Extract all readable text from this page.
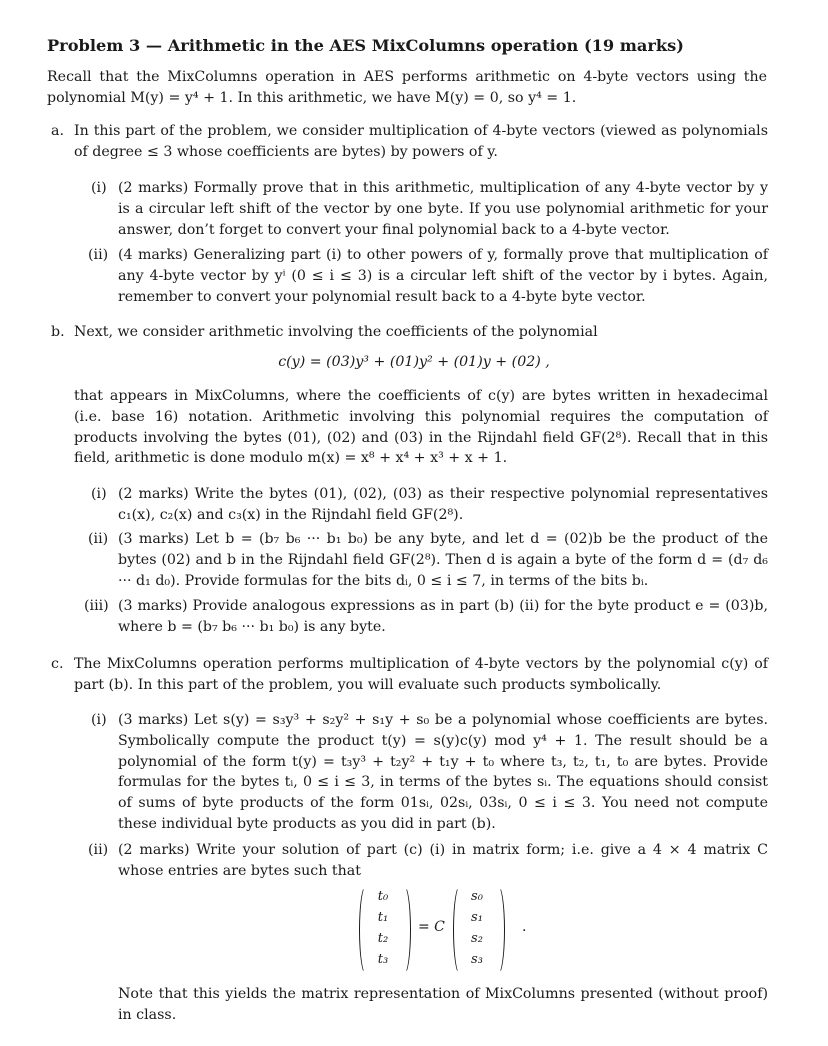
Problem 3 — Arithmetic in the AES MixColumns operation (19 marks)

Recall that the MixColumns operation in AES performs arithmetic on 4-byte vectors using the polynomial M(y) = y⁴ + 1. In this arithmetic, we have M(y) = 0, so y⁴ = 1.

a. In this part of the problem, we consider multiplication of 4-byte vectors (viewed as polynomials of degree ≤ 3 whose coefficients are bytes) by powers of y.

(i) (2 marks) Formally prove that in this arithmetic, multiplication of any 4-byte vector by y is a circular left shift of the vector by one byte. If you use polynomial arithmetic for your answer, don’t forget to convert your final polynomial back to a 4-byte vector.

(ii) (4 marks) Generalizing part (i) to other powers of y, formally prove that multiplication of any 4-byte vector by yⁱ (0 ≤ i ≤ 3) is a circular left shift of the vector by i bytes. Again, remember to convert your polynomial result back to a 4-byte byte vector.

b. Next, we consider arithmetic involving the coefficients of the polynomial

c(y) = (03)y³ + (01)y² + (01)y + (02) ,

that appears in MixColumns, where the coefficients of c(y) are bytes written in hexadecimal (i.e. base 16) notation. Arithmetic involving this polynomial requires the computation of products involving the bytes (01), (02) and (03) in the Rijndahl field GF(2⁸). Recall that in this field, arithmetic is done modulo m(x) = x⁸ + x⁴ + x³ + x + 1.

(i) (2 marks) Write the bytes (01), (02), (03) as their respective polynomial representatives c₁(x), c₂(x) and c₃(x) in the Rijndahl field GF(2⁸).

(ii) (3 marks) Let b = (b₇ b₆ ··· b₁ b₀) be any byte, and let d = (02)b be the product of the bytes (02) and b in the Rijndahl field GF(2⁸). Then d is again a byte of the form d = (d₇ d₆ ··· d₁ d₀). Provide formulas for the bits dᵢ, 0 ≤ i ≤ 7, in terms of the bits bᵢ.

(iii) (3 marks) Provide analogous expressions as in part (b) (ii) for the byte product e = (03)b, where b = (b₇ b₆ ··· b₁ b₀) is any byte.

c. The MixColumns operation performs multiplication of 4-byte vectors by the polynomial c(y) of part (b). In this part of the problem, you will evaluate such products symbolically.

(i) (3 marks) Let s(y) = s₃y³ + s₂y² + s₁y + s₀ be a polynomial whose coefficients are bytes. Symbolically compute the product t(y) = s(y)c(y) mod y⁴ + 1. The result should be a polynomial of the form t(y) = t₃y³ + t₂y² + t₁y + t₀ where t₃, t₂, t₁, t₀ are bytes. Provide formulas for the bytes tᵢ, 0 ≤ i ≤ 3, in terms of the bytes sᵢ. The equations should consist of sums of byte products of the form 01sᵢ, 02sᵢ, 03sᵢ, 0 ≤ i ≤ 3. You need not compute these individual byte products as you did in part (b).

(ii) (2 marks) Write your solution of part (c) (i) in matrix form; i.e. give a 4 × 4 matrix C whose entries are bytes such that

t₀
t₁
t₂
t₃
= C
s₀
s₁
s₂
s₃
.

Note that this yields the matrix representation of MixColumns presented (without proof) in class.
